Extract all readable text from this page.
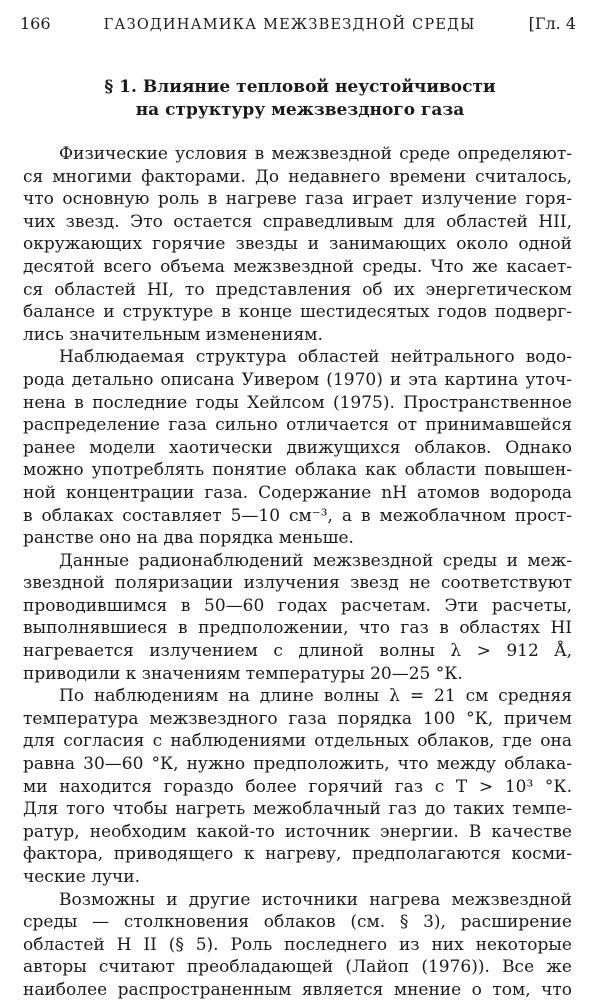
166	ГАЗОДИНАМИКА МЕЖЗВЕЗДНОЙ СРЕДЫ	[Гл. 4
§ 1. Влияние тепловой неустойчивости
на структуру межзвездного газа
Физические условия в межзвездной среде определяют-
ся многими факторами. До недавнего времени считалось,
что основную роль в нагреве газа играет излучение горя-
чих звезд. Это остается справедливым для областей HII,
окружающих горячие звезды и занимающих около одной
десятой всего объема межзвездной среды. Что же касает-
ся областей HI, то представления об их энергетическом
балансе и структуре в конце шестидесятых годов подверг-
лись значительным изменениям.
Наблюдаемая структура областей нейтрального водо-
рода детально описана Уивером (1970) и эта картина уточ-
нена в последние годы Хейлсом (1975). Пространственное
распределение газа сильно отличается от принимавшейся
ранее модели хаотически движущихся облаков. Однако
можно употреблять понятие облака как области повышен-
ной концентрации газа. Содержание nН атомов водорода
в облаках составляет 5—10 см⁻³, а в межоблачном прост-
ранстве оно на два порядка меньше.
Данные радионаблюдений межзвездной среды и меж-
звездной поляризации излучения звезд не соответствуют
проводившимся в 50—60 годах расчетам. Эти расчеты,
выполнявшиеся в предположении, что газ в областях HI
нагревается излучением с длиной волны λ > 912 Å,
приводили к значениям температуры 20—25 °К.
По наблюдениям на длине волны λ = 21 см средняя
температура межзвездного газа порядка 100 °К, причем
для согласия с наблюдениями отдельных облаков, где она
равна 30—60 °К, нужно предположить, что между облака-
ми находится гораздо более горячий газ с T > 10³ °К.
Для того чтобы нагреть межоблачный газ до таких темпе-
ратур, необходим какой-то источник энергии. В качестве
фактора, приводящего к нагреву, предполагаются косми-
ческие лучи.
Возможны и другие источники нагрева межзвездной
среды — столкновения облаков (см. § 3), расширение
областей H II (§ 5). Роль последнего из них некоторые
авторы считают преобладающей (Лайоп (1976)). Все же
наиболее распространенным является мнение о том, что
